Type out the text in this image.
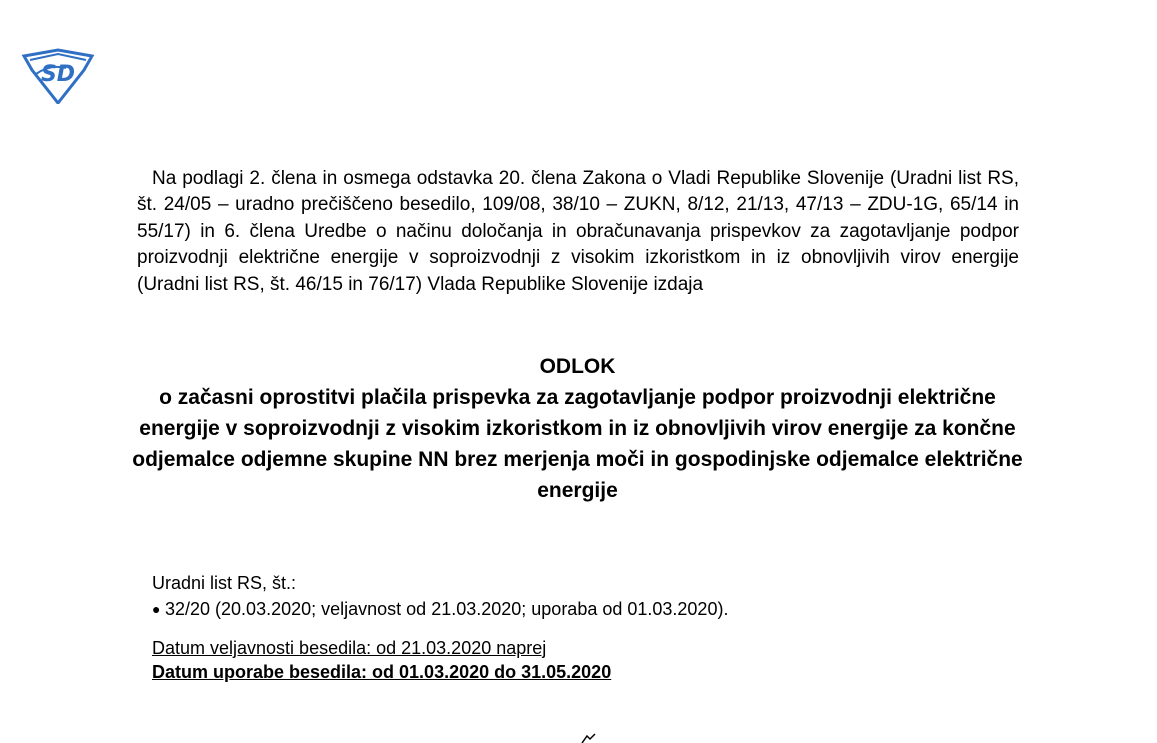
SD

Na podlagi 2. člena in osmega odstavka 20. člena Zakona o Vladi Republike Slovenije (Uradni list RS, št. 24/05 – uradno prečiščeno besedilo, 109/08, 38/10 – ZUKN, 8/12, 21/13, 47/13 – ZDU-1G, 65/14 in 55/17) in 6. člena Uredbe o načinu določanja in obračunavanja prispevkov za zagotavljanje podpor proizvodnji električne energije v soproizvodnji z visokim izkoristkom in iz obnovljivih virov energije (Uradni list RS, št. 46/15 in 76/17) Vlada Republike Slovenije izdaja

ODLOK

o začasni oprostitvi plačila prispevka za zagotavljanje podpor proizvodnji električne energije v soproizvodnji z visokim izkoristkom in iz obnovljivih virov energije za končne odjemalce odjemne skupine NN brez merjenja moči in gospodinjske odjemalce električne energije

Uradni list RS, št.:

● 32/20 (20.03.2020; veljavnost od 21.03.2020; uporaba od 01.03.2020).

Datum veljavnosti besedila: od 21.03.2020 naprej

Datum uporabe besedila: od 01.03.2020 do 31.05.2020
